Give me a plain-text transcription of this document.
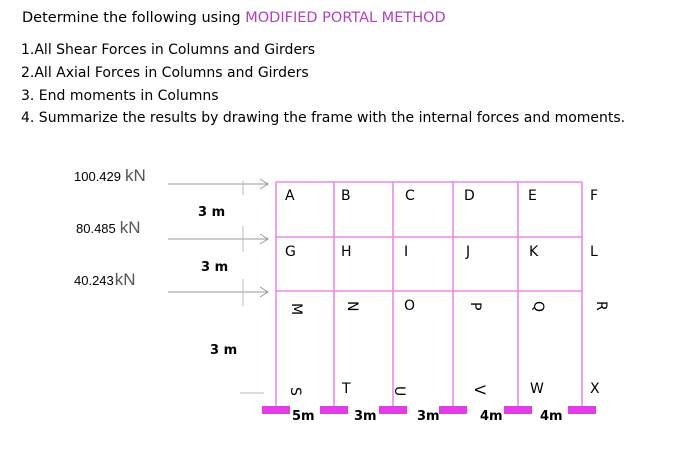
Determine the following using MODIFIED PORTAL METHOD
1.All Shear Forces in Columns and Girders
2.All Axial Forces in Columns and Girders
3. End moments in Columns
4. Summarize the results by drawing the frame with the internal forces and moments.
100.429 kN
80.485 kN
40.243kN
3 m
3 m
3 m
5m	3m	3m	4m	4m
A	B	C	D	E	F
G	H	I	J	K	L
M	N	O	P	Q	R
S	T	U	V	W	X
